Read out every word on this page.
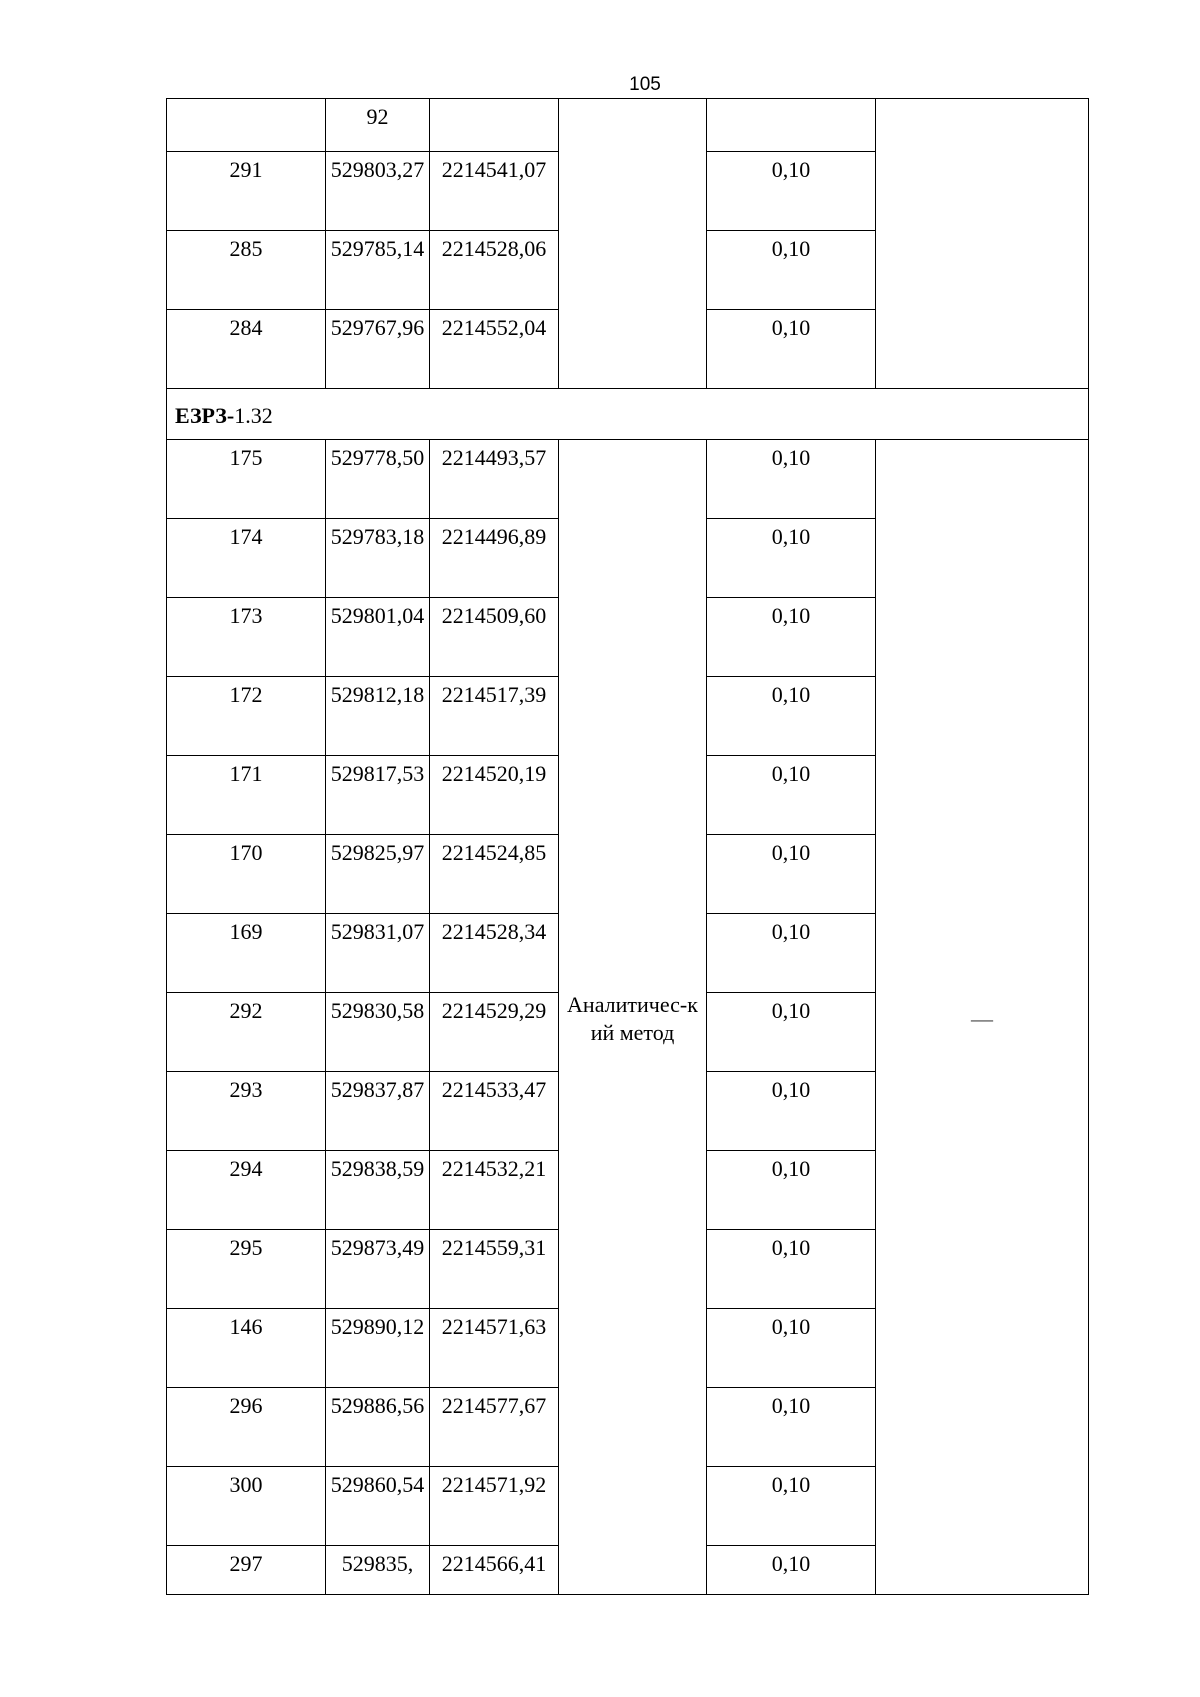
105
	92				
291	529803,27	2214541,07		0,10	
285	529785,14	2214528,06		0,10	
284	529767,96	2214552,04		0,10	
ЕЗРЗ-1.32					
175	529778,50	2214493,57	Аналитичес-кий метод	0,10	—
174	529783,18	2214496,89		0,10	
173	529801,04	2214509,60		0,10	
172	529812,18	2214517,39		0,10	
171	529817,53	2214520,19		0,10	
170	529825,97	2214524,85		0,10	
169	529831,07	2214528,34		0,10	
292	529830,58	2214529,29		0,10	
293	529837,87	2214533,47		0,10	
294	529838,59	2214532,21		0,10	
295	529873,49	2214559,31		0,10	
146	529890,12	2214571,63		0,10	
296	529886,56	2214577,67		0,10	
300	529860,54	2214571,92		0,10	
297	529835,	2214566,41		0,10	
